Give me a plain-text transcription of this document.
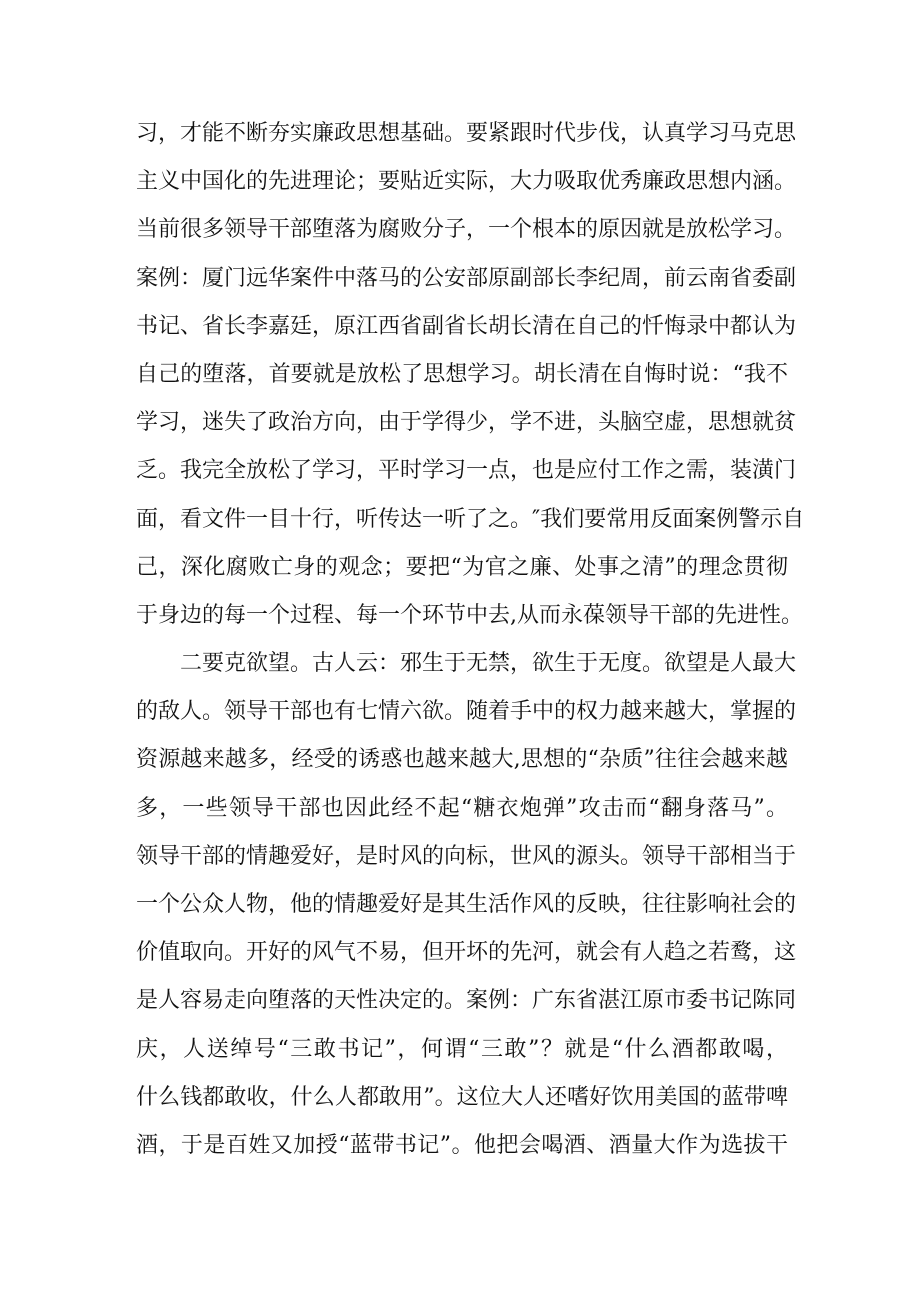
习，才能不断夯实廉政思想基础。要紧跟时代步伐，认真学习马克思
主义中国化的先进理论；要贴近实际，大力吸取优秀廉政思想内涵。
当前很多领导干部堕落为腐败分子，一个根本的原因就是放松学习。
案例：厦门远华案件中落马的公安部原副部长李纪周，前云南省委副
书记、省长李嘉廷，原江西省副省长胡长清在自己的忏悔录中都认为
自己的堕落，首要就是放松了思想学习。胡长清在自悔时说：“我不
学习，迷失了政治方向，由于学得少，学不进，头脑空虚，思想就贫
乏。我完全放松了学习，平时学习一点，也是应付工作之需，装潢门
面，看文件一目十行，听传达一听了之。″我们要常用反面案例警示自
己，深化腐败亡身的观念；要把“为官之廉、处事之清”的理念贯彻
于身边的每一个过程、每一个环节中去,从而永葆领导干部的先进性。
二要克欲望。古人云：邪生于无禁，欲生于无度。欲望是人最大
的敌人。领导干部也有七情六欲。随着手中的权力越来越大，掌握的
资源越来越多，经受的诱惑也越来越大,思想的“杂质”往往会越来越
多，一些领导干部也因此经不起“糖衣炮弹”攻击而“翻身落马”。
领导干部的情趣爱好，是时风的向标，世风的源头。领导干部相当于
一个公众人物，他的情趣爱好是其生活作风的反映，往往影响社会的
价值取向。开好的风气不易，但开坏的先河，就会有人趋之若鹜，这
是人容易走向堕落的天性决定的。案例：广东省湛江原市委书记陈同
庆，人送绰号“三敢书记”，何谓“三敢”？就是“什么酒都敢喝，
什么钱都敢收，什么人都敢用”。这位大人还嗜好饮用美国的蓝带啤
酒，于是百姓又加授“蓝带书记”。他把会喝酒、酒量大作为选拔干
